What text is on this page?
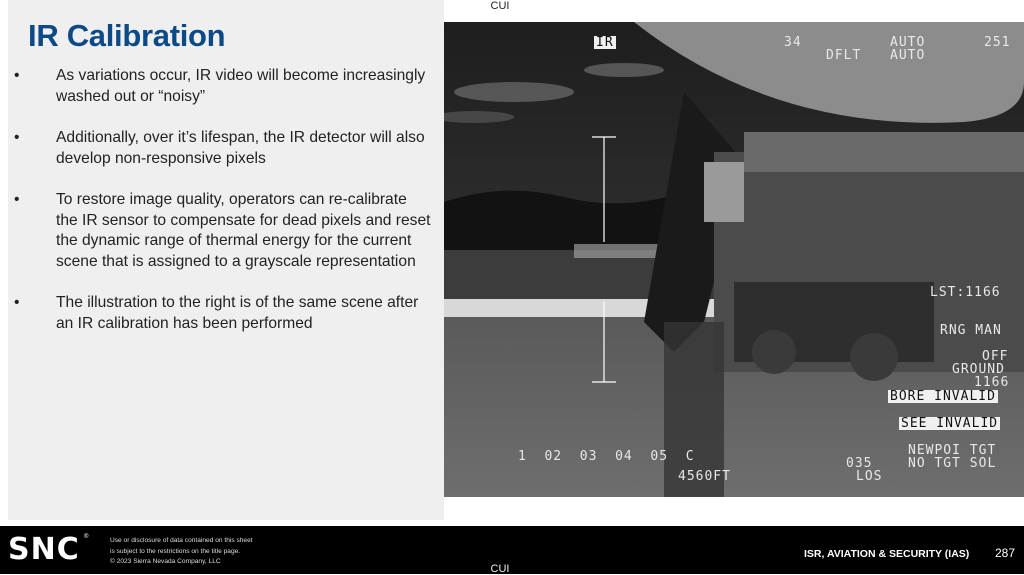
CUI
IR Calibration
• As variations occur, IR video will become increasingly washed out or “noisy”
• Additionally, over it’s lifespan, the IR detector will also develop non-responsive pixels
• To restore image quality, operators can re-calibrate the IR sensor to compensate for dead pixels and reset the dynamic range of thermal energy for the current scene that is assigned to a grayscale representation
• The illustration to the right is of the same scene after an IR calibration has been performed
IR	34
DFLT
AUTO
AUTO
251
LST:1166
RNG MAN
OFF
GROUND
1166
BORE INVALID
SEE INVALID
NEWPOI TGT
NO TGT SOL
035
LOS
1  02  03  04  05  C
4560FT
SNC ®	Use or disclosure of data contained on this sheet
is subject to the restrictions on the title page.
© 2023 Sierra Nevada Company, LLC
ISR, AVIATION & SECURITY (IAS) 287
CUI
